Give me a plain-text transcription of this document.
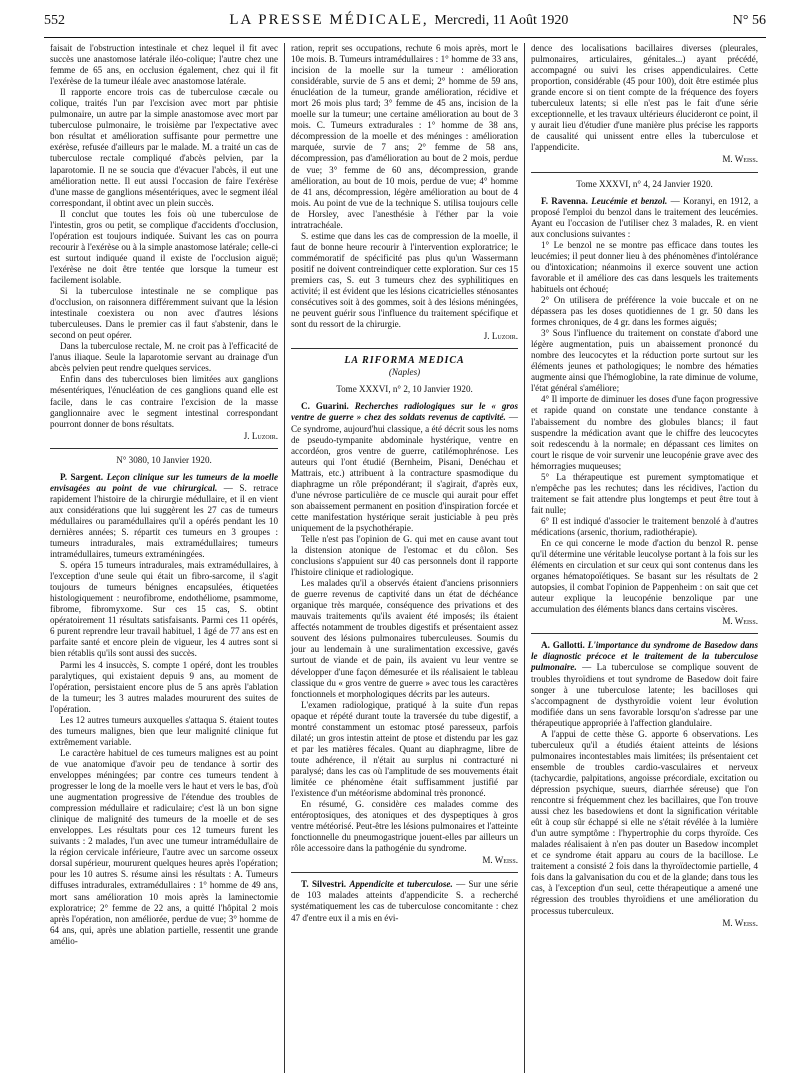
552	LA PRESSE MÉDICALE, Mercredi, 11 Août 1920	N° 56

faisait de l'obstruction intestinale et chez lequel il fit avec succès une anastomose latérale iléo-colique; l'autre chez une femme de 65 ans, en occlusion également, chez qui il fit l'exérèse de la tumeur iléale avec anastomose latérale.

Il rapporte encore trois cas de tuberculose cæcale ou colique, traités l'un par l'excision avec mort par phtisie pulmonaire, un autre par la simple anastomose avec mort par tuberculose pulmonaire, le troisième par l'expectative avec bon résultat et amélioration suffisante pour permettre une exérèse, refusée d'ailleurs par le malade. M. a traité un cas de tuberculose rectale compliqué d'abcès pelvien, par la laparotomie. Il ne se soucia que d'évacuer l'abcès, il eut une amélioration nette. Il eut aussi l'occasion de faire l'exérèse d'une masse de ganglions mésentériques, avec le segment iléal correspondant, il obtint avec un plein succès.

Il conclut que toutes les fois où une tuberculose de l'intestin, gros ou petit, se complique d'accidents d'occlusion, l'opération est toujours indiquée. Suivant les cas on pourra recourir à l'exérèse ou à la simple anastomose latérale; celle-ci est surtout indiquée quand il existe de l'occlusion aiguë; l'exérèse ne doit être tentée que lorsque la tumeur est facilement isolable.

Si la tuberculose intestinale ne se complique pas d'occlusion, on raisonnera différemment suivant que la lésion intestinale coexistera ou non avec d'autres lésions tuberculeuses. Dans le premier cas il faut s'abstenir, dans le second on peut opérer.

Dans la tuberculose rectale, M. ne croit pas à l'efficacité de l'anus iliaque. Seule la laparotomie servant au drainage d'un abcès pelvien peut rendre quelques services.

Enfin dans des tuberculoses bien limitées aux ganglions mésentériques, l'énucléation de ces ganglions quand elle est facile, dans le cas contraire l'excision de la masse ganglionnaire avec le segment intestinal correspondant pourront donner de bons résultats.

J. Luzoir.
N° 3080, 10 Janvier 1920.

P. Sargent. Leçon clinique sur les tumeurs de la moelle envisagées au point de vue chirurgical. — S. retrace rapidement l'histoire de la chirurgie médullaire, et il en vient aux considérations que lui suggèrent les 27 cas de tumeurs médullaires ou paramédullaires qu'il a opérés pendant les 10 dernières années; S. répartit ces tumeurs en 3 groupes : tumeurs intradurales, mais extramédullaires; tumeurs intramédullaires, tumeurs extraméningées.

S. opéra 15 tumeurs intradurales, mais extramédullaires, à l'exception d'une seule qui était un fibro-sarcome, il s'agit toujours de tumeurs bénignes encapsulées, étiquetées histologiquement : neurofibrome, endothéliome, psammome, fibrome, fibromyxome. Sur ces 15 cas, S. obtint opératoirement 11 résultats satisfaisants. Parmi ces 11 opérés, 6 purent reprendre leur travail habituel, 1 âgé de 77 ans est en parfaite santé et encore plein de vigueur, les 4 autres sont si bien rétablis qu'ils sont aussi des succès.

Parmi les 4 insuccès, S. compte 1 opéré, dont les troubles paralytiques, qui existaient depuis 9 ans, au moment de l'opération, persistaient encore plus de 5 ans après l'ablation de la tumeur; les 3 autres malades moururent des suites de l'opération.

Les 12 autres tumeurs auxquelles s'attaqua S. étaient toutes des tumeurs malignes, bien que leur malignité clinique fut extrêmement variable.

Le caractère habituel de ces tumeurs malignes est au point de vue anatomique d'avoir peu de tendance à sortir des enveloppes méningées; par contre ces tumeurs tendent à progresser le long de la moelle vers le haut et vers le bas, d'où une augmentation progressive de l'étendue des troubles de compression médullaire et radiculaire; c'est là un bon signe clinique de malignité des tumeurs de la moelle et de ses enveloppes. Les résultats pour ces 12 tumeurs furent les suivants : 2 malades, l'un avec une tumeur intramédullaire de la région cervicale inférieure, l'autre avec un sarcome osseux dorsal supérieur, moururent quelques heures après l'opération; pour les 10 autres S. résume ainsi les résultats : A. Tumeurs diffuses intradurales, extramédullaires : 1° homme de 49 ans, mort sans amélioration 10 mois après la laminectomie exploratrice; 2° femme de 22 ans, a quitté l'hôpital 2 mois après l'opération, non améliorée, perdue de vue; 3° homme de 64 ans, qui, après une ablation partielle, ressentit une grande amélio-

ration, reprit ses occupations, rechute 6 mois après, mort le 10e mois. B. Tumeurs intramédullaires : 1° homme de 33 ans, incision de la moelle sur la tumeur : amélioration considérable, survie de 5 ans et demi; 2° homme de 59 ans, énucléation de la tumeur, grande amélioration, récidive et mort 26 mois plus tard; 3° femme de 45 ans, incision de la moelle sur la tumeur; une certaine amélioration au bout de 3 mois. C. Tumeurs extradurales : 1° homme de 38 ans, décompression de la moelle et des méninges : amélioration marquée, survie de 7 ans; 2° femme de 58 ans, décompression, pas d'amélioration au bout de 2 mois, perdue de vue; 3° femme de 60 ans, décompression, grande amélioration, au bout de 10 mois, perdue de vue; 4° homme de 41 ans, décompression, légère amélioration au bout de 4 mois. Au point de vue de la technique S. utilisa toujours celle de Horsley, avec l'anesthésie à l'éther par la voie intratrachéale.

S. estime que dans les cas de compression de la moelle, il faut de bonne heure recourir à l'intervention exploratrice; le commémoratif de spécificité pas plus qu'un Wassermann positif ne doivent contreindiquer cette exploration. Sur ces 15 premiers cas, S. eut 3 tumeurs chez des syphilitiques en activité; il est évident que les lésions cicatricielles sténosantes consécutives soit à des gommes, soit à des lésions méningées, ne peuvent guérir sous l'influence du traitement spécifique et sont du ressort de la chirurgie.

J. Luzoir.
LA RIFORMA MEDICA
(Naples)
Tome XXXVI, n° 2, 10 Janvier 1920.

C. Guarini. Recherches radiologiques sur le « gros ventre de guerre » chez des soldats revenus de captivité. — Ce syndrome, aujourd'hui classique, a été décrit sous les noms de pseudo-tympanite abdominale hystérique, ventre en accordéon, gros ventre de guerre, catilémophrénose. Les auteurs qui l'ont étudié (Bernheim, Pisani, Denéchau et Mattrais, etc.) attribuent à la contracture spasmodique du diaphragme un rôle prépondérant; il s'agirait, d'après eux, d'une névrose particulière de ce muscle qui aurait pour effet son abaissement permanent en position d'inspiration forcée et cette manifestation hystérique serait justiciable à peu près uniquement de la psychothérapie.

Telle n'est pas l'opinion de G. qui met en cause avant tout la distension atonique de l'estomac et du côlon. Ses conclusions s'appuient sur 40 cas personnels dont il rapporte l'histoire clinique et radiologique.

Les malades qu'il a observés étaient d'anciens prisonniers de guerre revenus de captivité dans un état de déchéance organique très marquée, conséquence des privations et des mauvais traitements qu'ils avaient été imposés; ils étaient affectés notamment de troubles digestifs et présentaient assez souvent des lésions pulmonaires tuberculeuses. Soumis du jour au lendemain à une suralimentation excessive, gavés surtout de viande et de pain, ils avaient vu leur ventre se développer d'une façon démesurée et ils réalisaient le tableau classique du « gros ventre de guerre » avec tous les caractères fonctionnels et morphologiques décrits par les auteurs.

L'examen radiologique, pratiqué à la suite d'un repas opaque et répété durant toute la traversée du tube digestif, a montré constamment un estomac ptosé paresseux, parfois dilaté; un gros intestin atteint de ptose et distendu par les gaz et par les matières fécales. Quant au diaphragme, libre de toute adhérence, il n'était au surplus ni contracturé ni paralysé; dans les cas où l'amplitude de ses mouvements était limitée ce phénomène était suffisamment justifié par l'existence d'un météorisme abdominal très prononcé.

En résumé, G. considère ces malades comme des entéroptosiques, des atoniques et des dyspeptiques à gros ventre météorisé. Peut-être les lésions pulmonaires et l'atteinte fonctionnelle du pneumogastrique jouent-elles par ailleurs un rôle accessoire dans la pathogénie du syndrome.

M. Weiss.

T. Silvestri. Appendicite et tuberculose. — Sur une série de 103 malades atteints d'appendicite S. a recherché systématiquement les cas de tuberculose concomitante : chez 47 d'entre eux il a mis en évi-

dence des localisations bacillaires diverses (pleurales, pulmonaires, articulaires, génitales...) ayant précédé, accompagné ou suivi les crises appendiculaires. Cette proportion, considérable (45 pour 100), doit être estimée plus grande encore si on tient compte de la fréquence des foyers tuberculeux latents; si elle n'est pas le fait d'une série exceptionnelle, et les travaux ultérieurs élucideront ce point, il y aurait lieu d'étudier d'une manière plus précise les rapports de causalité qui unissent entre elles la tuberculose et l'appendicite.

M. Weiss.
Tome XXXVI, n° 4, 24 Janvier 1920.

F. Ravenna. Leucémie et benzol. — Koranyi, en 1912, a proposé l'emploi du benzol dans le traitement des leucémies. Ayant eu l'occasion de l'utiliser chez 3 malades, R. en vient aux conclusions suivantes :

1° Le benzol ne se montre pas efficace dans toutes les leucémies; il peut donner lieu à des phénomènes d'intolérance ou d'intoxication; néanmoins il exerce souvent une action favorable et il améliore des cas dans lesquels les traitements habituels ont échoué;

2° On utilisera de préférence la voie buccale et on ne dépassera pas les doses quotidiennes de 1 gr. 50 dans les formes chroniques, de 4 gr. dans les formes aiguës;

3° Sous l'influence du traitement on constate d'abord une légère augmentation, puis un abaissement prononcé du nombre des leucocytes et la réduction porte surtout sur les éléments jeunes et pathologiques; le nombre des hématies augmente ainsi que l'hémoglobine, la rate diminue de volume, l'état général s'améliore;

4° Il importe de diminuer les doses d'une façon progressive et rapide quand on constate une tendance constante à l'abaissement du nombre des globules blancs; il faut suspendre la médication avant que le chiffre des leucocytes soit redescendu à la normale; en dépassant ces limites on court le risque de voir survenir une leucopénie grave avec des hémorragies muqueuses;

5° La thérapeutique est purement symptomatique et n'empêche pas les rechutes; dans les récidives, l'action du traitement se fait attendre plus longtemps et peut être tout à fait nulle;

6° Il est indiqué d'associer le traitement benzolé à d'autres médications (arsenic, thorium, radiothérapie).

En ce qui concerne le mode d'action du benzol R. pense qu'il détermine une véritable leucolyse portant à la fois sur les éléments en circulation et sur ceux qui sont contenus dans les organes hématopoïétiques. Se basant sur les résultats de 2 autopsies, il combat l'opinion de Pappenheim : on sait que cet auteur explique la leucopénie benzolique par une accumulation des éléments blancs dans certains viscères.

M. Weiss.

A. Gallotti. L'importance du syndrome de Basedow dans le diagnostic précoce et le traitement de la tuberculose pulmonaire. — La tuberculose se complique souvent de troubles thyroïdiens et tout syndrome de Basedow doit faire songer à une tuberculose latente; les bacilloses qui s'accompagnent de dysthyroïdie voient leur évolution modifiée dans un sens favorable lorsqu'on s'adresse par une thérapeutique appropriée à l'affection glandulaire.

A l'appui de cette thèse G. apporte 6 observations. Les tuberculeux qu'il a étudiés étaient atteints de lésions pulmonaires incontestables mais limitées; ils présentaient cet ensemble de troubles cardio-vasculaires et nerveux (tachycardie, palpitations, angoisse précordiale, excitation ou dépression psychique, sueurs, diarrhée séreuse) que l'on rencontre si fréquemment chez les bacillaires, que l'on trouve aussi chez les basedowiens et dont la signification véritable eût à coup sûr échappé si elle ne s'était révélée à la lumière d'un autre symptôme : l'hypertrophie du corps thyroïde. Ces malades réalisaient à n'en pas douter un Basedow incomplet et ce syndrome était apparu au cours de la bacillose. Le traitement a consisté 2 fois dans la thyroïdectomie partielle, 4 fois dans la galvanisation du cou et de la glande; dans tous les cas, à l'exception d'un seul, cette thérapeutique a amené une régression des troubles thyroïdiens et une amélioration du processus tuberculeux.

M. Weiss.
